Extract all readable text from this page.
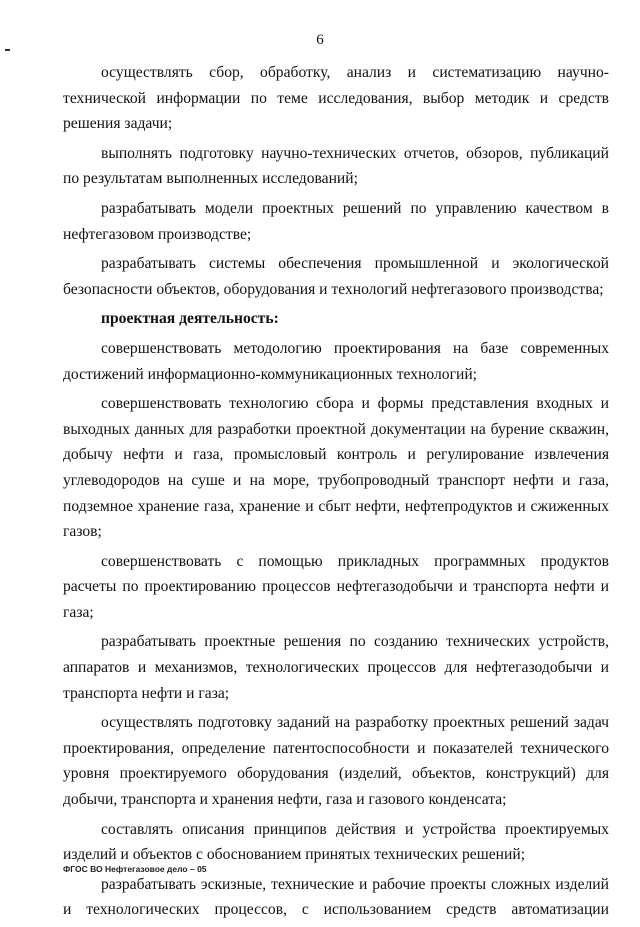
6

осуществлять сбор, обработку, анализ и систематизацию научно-технической информации по теме исследования, выбор методик и средств решения задачи;

выполнять подготовку научно-технических отчетов, обзоров, публикаций по результатам выполненных исследований;

разрабатывать модели проектных решений по управлению качеством в нефтегазовом производстве;

разрабатывать системы обеспечения промышленной и экологической безопасности объектов, оборудования и технологий нефтегазового производства;

проектная деятельность:

совершенствовать методологию проектирования на базе современных достижений информационно-коммуникационных технологий;

совершенствовать технологию сбора и формы представления входных и выходных данных для разработки проектной документации на бурение скважин, добычу нефти и газа, промысловый контроль и регулирование извлечения углеводородов на суше и на море, трубопроводный транспорт нефти и газа, подземное хранение газа, хранение и сбыт нефти, нефтепродуктов и сжиженных газов;

совершенствовать с помощью прикладных программных продуктов расчеты по проектированию процессов нефтегазодобычи и транспорта нефти и газа;

разрабатывать проектные решения по созданию технических устройств, аппаратов и механизмов, технологических процессов для нефтегазодобычи и транспорта нефти и газа;

осуществлять подготовку заданий на разработку проектных решений задач проектирования, определение патентоспособности и показателей технического уровня проектируемого оборудования (изделий, объектов, конструкций) для добычи, транспорта и хранения нефти, газа и газового конденсата;

составлять описания принципов действия и устройства проектируемых изделий и объектов с обоснованием принятых технических решений;

разрабатывать эскизные, технические и рабочие проекты сложных изделий и технологических процессов, с использованием средств автоматизации

ФГОС ВО Нефтегазовое дело – 05
